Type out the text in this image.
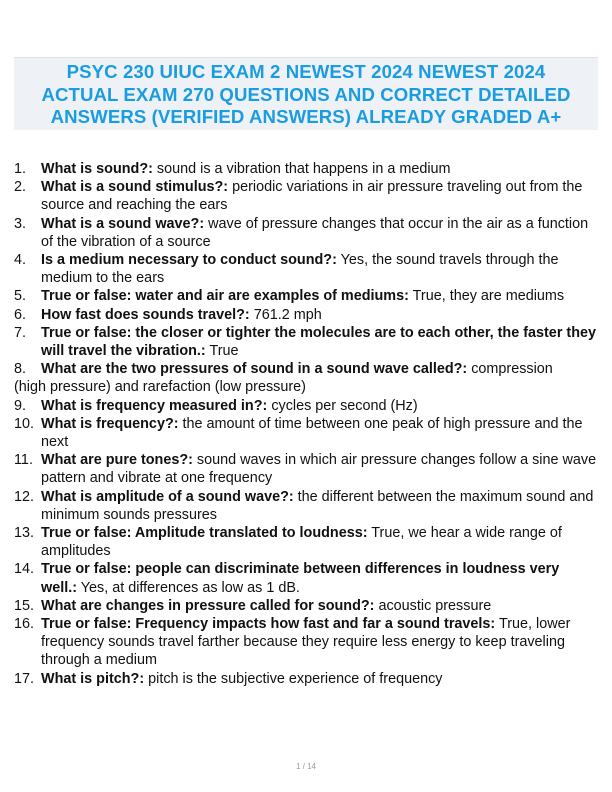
PSYC 230 UIUC EXAM 2 NEWEST 2024 NEWEST 2024
ACTUAL EXAM 270 QUESTIONS AND CORRECT DETAILED
ANSWERS (VERIFIED ANSWERS) ALREADY GRADED A+
1. What is sound?: sound is a vibration that happens in a medium
2. What is a sound stimulus?: periodic variations in air pressure traveling out from the source and reaching the ears
3. What is a sound wave?: wave of pressure changes that occur in the air as a function of the vibration of a source
4. Is a medium necessary to conduct sound?: Yes, the sound travels through the medium to the ears
5. True or false: water and air are examples of mediums: True, they are mediums
6. How fast does sounds travel?: 761.2 mph
7. True or false: the closer or tighter the molecules are to each other, the faster they will travel the vibration.: True
8. What are the two pressures of sound in a sound wave called?: compression
(high pressure) and rarefaction (low pressure)
9. What is frequency measured in?: cycles per second (Hz)
10. What is frequency?: the amount of time between one peak of high pressure and the next
11. What are pure tones?: sound waves in which air pressure changes follow a sine wave pattern and vibrate at one frequency
12. What is amplitude of a sound wave?: the different between the maximum sound and minimum sounds pressures
13. True or false: Amplitude translated to loudness: True, we hear a wide range of amplitudes
14. True or false: people can discriminate between differences in loudness very well.: Yes, at differences as low as 1 dB.
15. What are changes in pressure called for sound?: acoustic pressure
16. True or false: Frequency impacts how fast and far a sound travels: True, lower frequency sounds travel farther because they require less energy to keep traveling through a medium
17. What is pitch?: pitch is the subjective experience of frequency
1 / 14
